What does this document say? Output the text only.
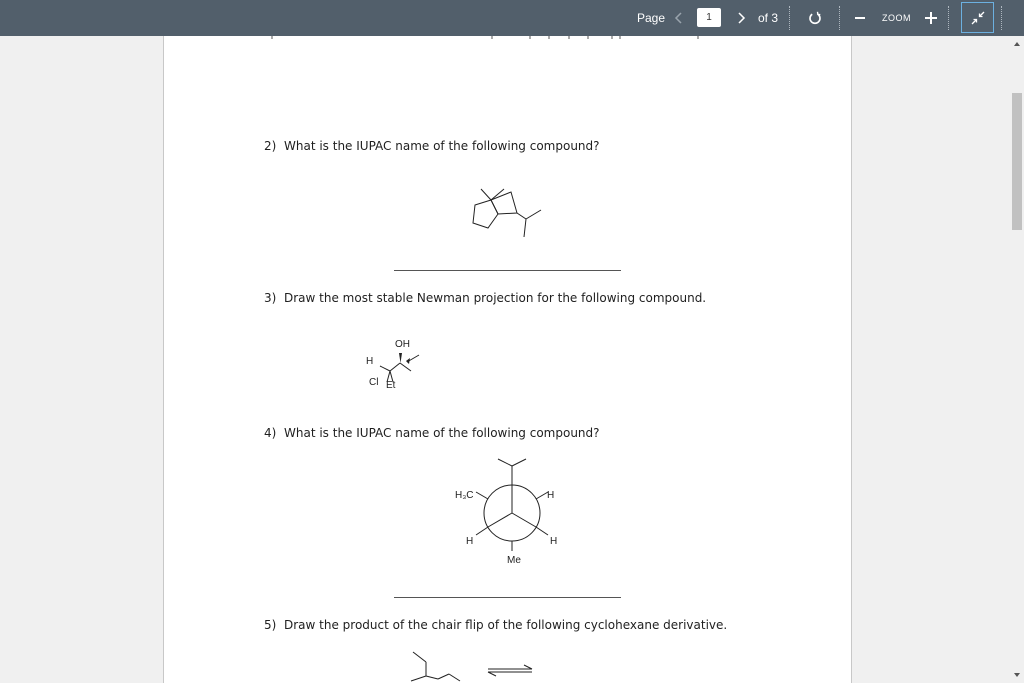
Page	1	of 3	ZOOM
2) What is the IUPAC name of the following compound?
3) Draw the most stable Newman projection for the following compound.
OH
H
Cl Et
4) What is the IUPAC name of the following compound?
H₃C	H
H	H
Me
5) Draw the product of the chair flip of the following cyclohexane derivative.
